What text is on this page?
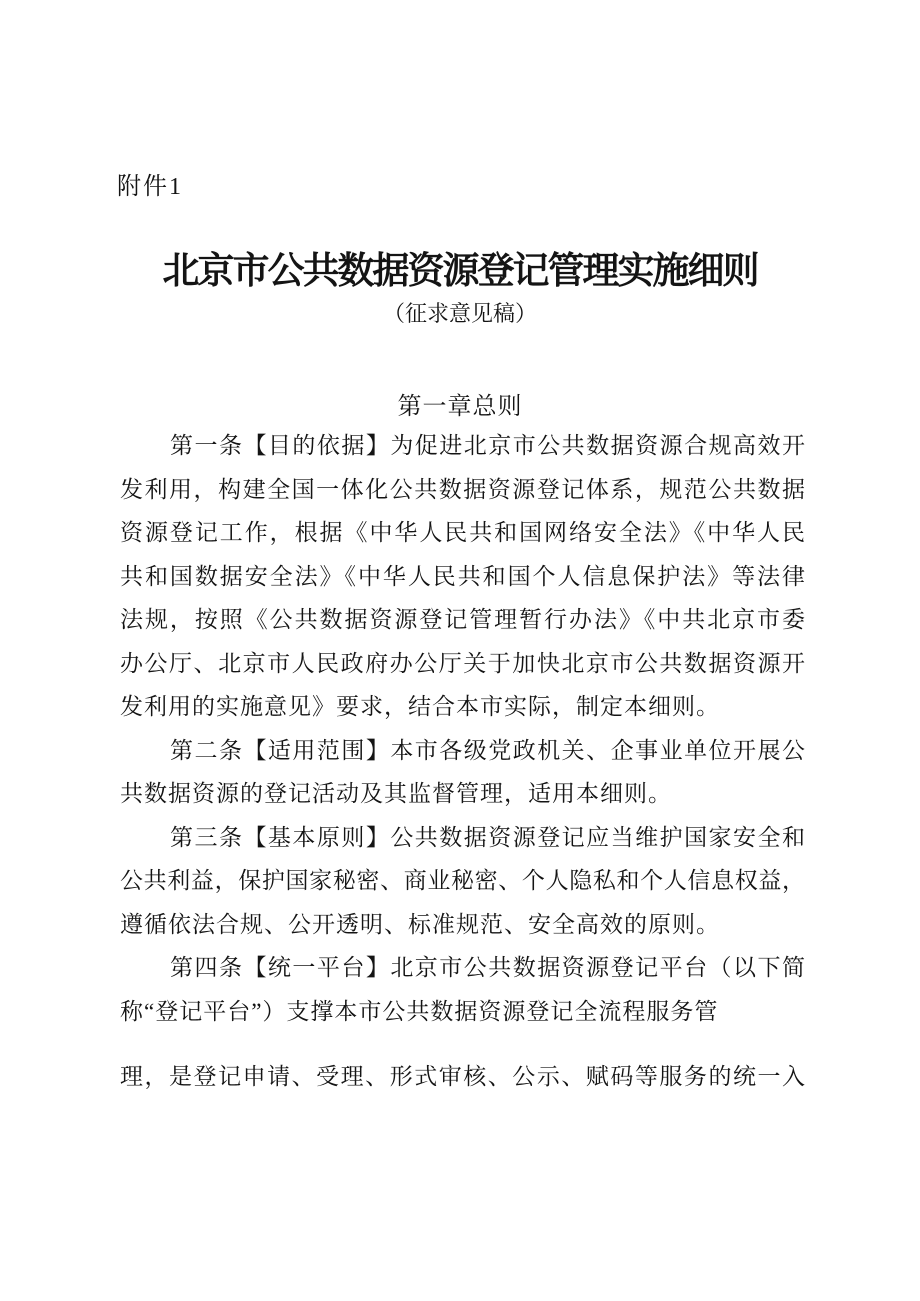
附件1
北京市公共数据资源登记管理实施细则
（征求意见稿）
第一章总则
第一条【目的依据】为促进北京市公共数据资源合规高效开
发利用，构建全国一体化公共数据资源登记体系，规范公共数据
资源登记工作，根据《中华人民共和国网络安全法》《中华人民
共和国数据安全法》《中华人民共和国个人信息保护法》等法律
法规，按照《公共数据资源登记管理暂行办法》《中共北京市委
办公厅、北京市人民政府办公厅关于加快北京市公共数据资源开
发利用的实施意见》要求，结合本市实际，制定本细则。
第二条【适用范围】本市各级党政机关、企事业单位开展公
共数据资源的登记活动及其监督管理，适用本细则。
第三条【基本原则】公共数据资源登记应当维护国家安全和
公共利益，保护国家秘密、商业秘密、个人隐私和个人信息权益，
遵循依法合规、公开透明、标准规范、安全高效的原则。
第四条【统一平台】北京市公共数据资源登记平台（以下简
称“登记平台”）支撑本市公共数据资源登记全流程服务管
理，是登记申请、受理、形式审核、公示、赋码等服务的统一入
